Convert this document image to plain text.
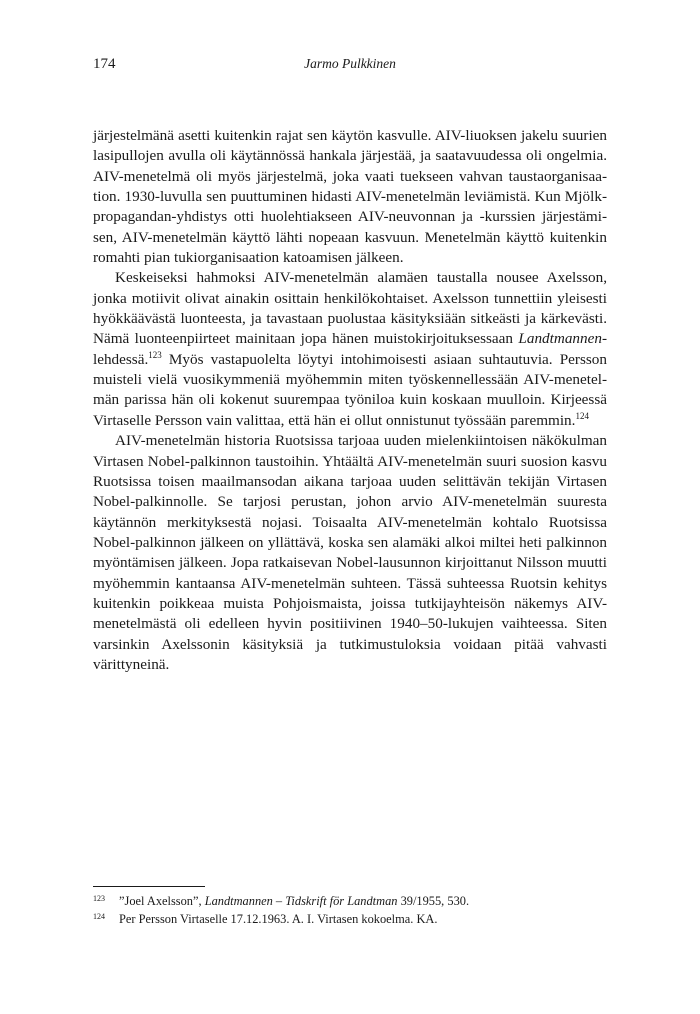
174	Jarmo Pulkkinen

järjestelmänä asetti kuitenkin rajat sen käytön kasvulle. AIV-liuoksen jakelu suurien lasipullojen avulla oli käytännössä hankala järjestää, ja saatavuudessa oli ongelmia. AIV-menetelmä oli myös järjestelmä, joka vaati tuekseen vahvan taustaorganisaation. 1930-luvulla sen puuttuminen hidasti AIV-menetelmän leviämistä. Kun Mjölkpropagandan-yhdistys otti huolehtiakseen AIV-neuvonnan ja -kurssien järjestämisen, AIV-menetelmän käyttö lähti nopeaan kasvuun. Menetelmän käyttö kuitenkin romahti pian tukiorganisaation katoamisen jälkeen.

Keskeiseksi hahmoksi AIV-menetelmän alamäen taustalla nousee Axelsson, jonka motiivit olivat ainakin osittain henkilökohtaiset. Axelsson tunnettiin yleisesti hyökkäävästä luonteesta, ja tavastaan puolustaa käsityksiään sitkeästi ja kärkevästi. Nämä luonteenpiirteet mainitaan jopa hänen muistokirjoituksessaan Landtmannen-lehdessä.$^{123}$ Myös vastapuolelta löytyi intohimoisesti asiaan suhtautuvia. Persson muisteli vielä vuosikymmeniä myöhemmin miten työskennellessään AIV-menetelmän parissa hän oli kokenut suurempaa työniloa kuin koskaan muulloin. Kirjeessä Virtaselle Persson vain valittaa, että hän ei ollut onnistunut työssään paremmin.$^{124}$

AIV-menetelmän historia Ruotsissa tarjoaa uuden mielenkiintoisen näkökulman Virtasen Nobel-palkinnon taustoihin. Yhtäältä AIV-menetelmän suuri suosion kasvu Ruotsissa toisen maailmansodan aikana tarjoaa uuden selittävän tekijän Virtasen Nobel-palkinnolle. Se tarjosi perustan, johon arvio AIV-menetelmän suuresta käytännön merkityksestä nojasi. Toisaalta AIV-menetelmän kohtalo Ruotsissa Nobel-palkinnon jälkeen on yllättävä, koska sen alamäki alkoi miltei heti palkinnon myöntämisen jälkeen. Jopa ratkaisevan Nobel-lausunnon kirjoittanut Nilsson muutti myöhemmin kantaansa AIV-menetelmän suhteen. Tässä suhteessa Ruotsin kehitys kuitenkin poikkeaa muista Pohjoismaista, joissa tutkijayhteisön näkemys AIV-menetelmästä oli edelleen hyvin positiivinen 1940–50-lukujen vaihteessa. Siten varsinkin Axelssonin käsityksiä ja tutkimustuloksia voidaan pitää vahvasti värittyneinä.

123 ”Joel Axelsson”, Landtmannen – Tidskrift för Landtman 39/1955, 530.
124 Per Persson Virtaselle 17.12.1963. A. I. Virtasen kokoelma. KA.
